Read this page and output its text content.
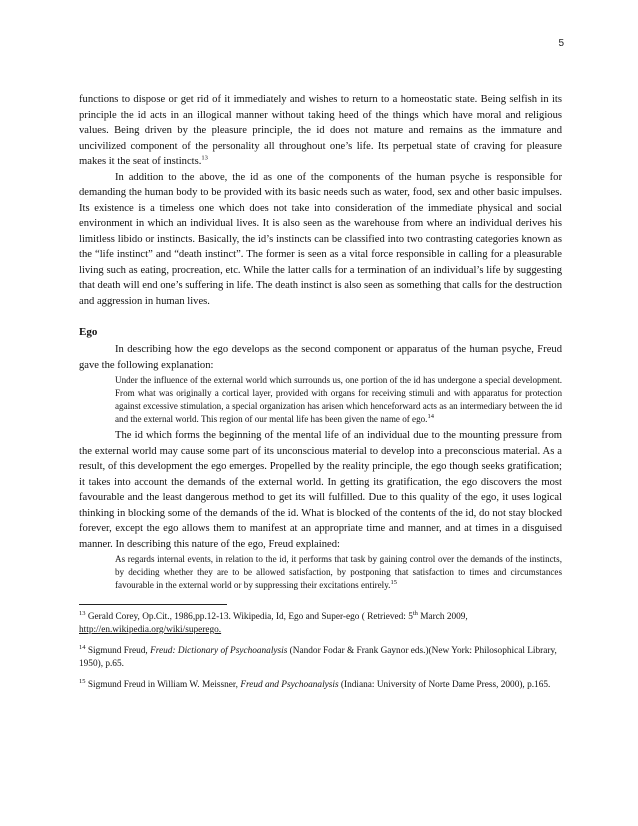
5

functions to dispose or get rid of it immediately and wishes to return to a homeostatic state. Being selfish in its principle the id acts in an illogical manner without taking heed of the things which have moral and religious values. Being driven by the pleasure principle, the id does not mature and remains as the immature and uncivilized component of the personality all throughout one’s life. Its perpetual state of craving for pleasure makes it the seat of instincts.$^{13}$

In addition to the above, the id as one of the components of the human psyche is responsible for demanding the human body to be provided with its basic needs such as water, food, sex and other basic impulses. Its existence is a timeless one which does not take into consideration of the immediate physical and social environment in which an individual lives. It is also seen as the warehouse from where an individual derives his limitless libido or instincts. Basically, the id’s instincts can be classified into two contrasting categories known as the “life instinct” and “death instinct”. The former is seen as a vital force responsible in calling for a pleasurable living such as eating, procreation, etc. While the latter calls for a termination of an individual’s life by suggesting that death will end one’s suffering in life. The death instinct is also seen as something that calls for the destruction and aggression in human lives.

Ego

In describing how the ego develops as the second component or apparatus of the human psyche, Freud gave the following explanation:

Under the influence of the external world which surrounds us, one portion of the id has undergone a special development. From what was originally a cortical layer, provided with organs for receiving stimuli and with apparatus for protection against excessive stimulation, a special organization has arisen which henceforward acts as an intermediary between the id and the external world. This region of our mental life has been given the name of ego.$^{14}$

The id which forms the beginning of the mental life of an individual due to the mounting pressure from the external world may cause some part of its unconscious material to develop into a preconscious material. As a result, of this development the ego emerges. Propelled by the reality principle, the ego though seeks gratification; it takes into account the demands of the external world. In getting its gratification, the ego discovers the most favourable and the least dangerous method to get its will fulfilled. Due to this quality of the ego, it uses logical thinking in blocking some of the demands of the id. What is blocked of the contents of the id, do not stay blocked forever, except the ego allows them to manifest at an appropriate time and manner, and at times in a disguised manner. In describing this nature of the ego, Freud explained:

As regards internal events, in relation to the id, it performs that task by gaining control over the demands of the instincts, by deciding whether they are to be allowed satisfaction, by postponing that satisfaction to times and circumstances favourable in the external world or by suppressing their excitations entirely.$^{15}$

$^{13}$ Gerald Corey, Op.Cit., 1986,pp.12-13. Wikipedia, Id, Ego and Super-ego ( Retrieved: 5th March 2009, http://en.wikipedia.org/wiki/superego.

$^{14}$ Sigmund Freud, Freud: Dictionary of Psychoanalysis (Nandor Fodar & Frank Gaynor eds.)(New York: Philosophical Library, 1950), p.65.

$^{15}$ Sigmund Freud in William W. Meissner, Freud and Psychoanalysis (Indiana: University of Norte Dame Press, 2000), p.165.
